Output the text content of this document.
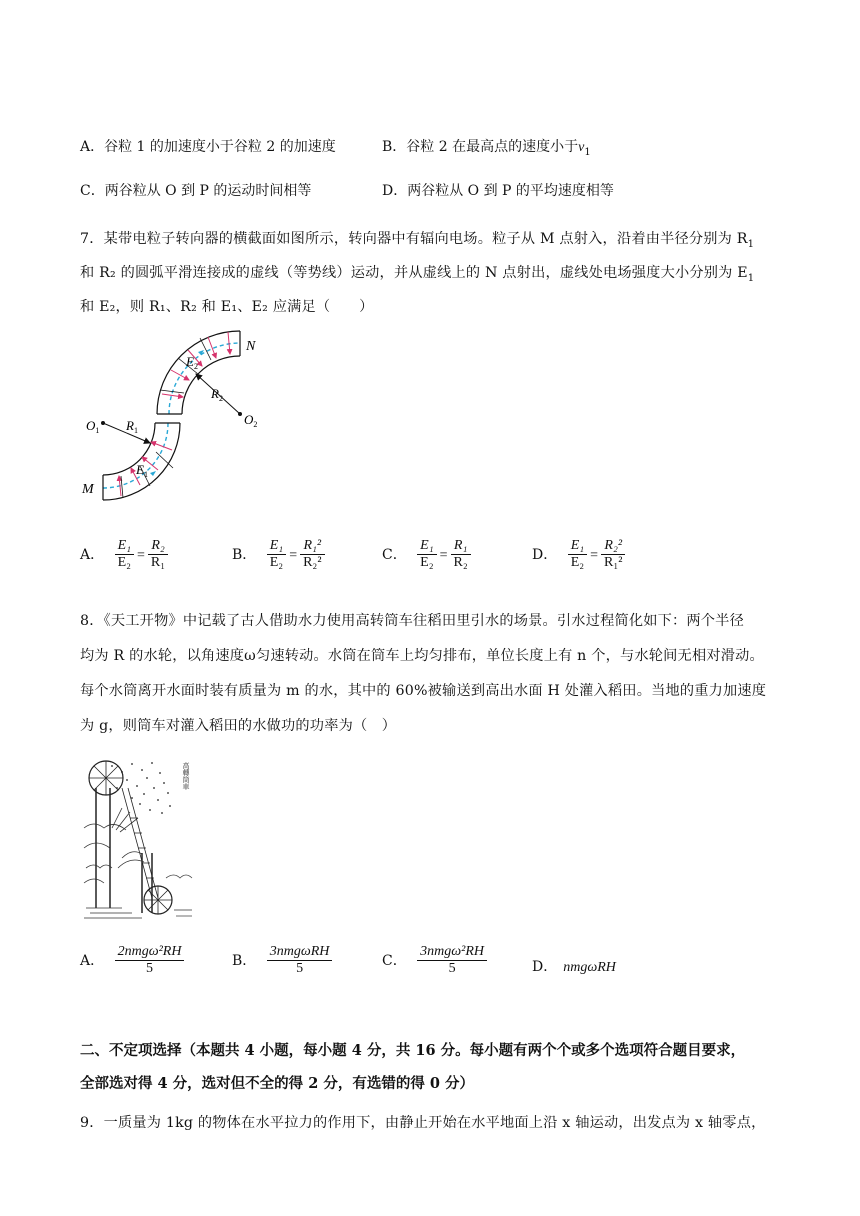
A．谷粒 1 的加速度小于谷粒 2 的加速度	B．谷粒 2 在最高点的速度小于$v_1$
C．两谷粒从 O 到 P 的运动时间相等	D．两谷粒从 O 到 P 的平均速度相等
7．某带电粒子转向器的横截面如图所示，转向器中有辐向电场。粒子从 M 点射入，沿着由半径分别为 $R_1$
和 R₂ 的圆弧平滑连接成的虚线（等势线）运动，并从虚线上的 N 点射出，虚线处电场强度大小分别为 $E_1$
和 E₂，则 R₁、R₂ 和 E₁、E₂ 应满足（　　）
$O_1$
$O_2$
$R_1$
$R_2$
$E_1$
$E_2$
M
N
A． $\frac{\text{E₁}}{\text{E₂}} = \frac{\text{R₂}}{\text{R₁}}$	B． $\frac{\text{E₁}}{\text{E₂}} = \frac{\text{R₁²}}{\text{R₂²}}$	C． $\frac{\text{E₁}}{\text{E₂}} = \frac{\text{R₁}}{\text{R₂}}$	D． $\frac{\text{E₁}}{\text{E₂}} = \frac{\text{R₂²}}{\text{R₁²}}$
8．《天工开物》中记载了古人借助水力使用高转筒车往稻田里引水的场景。引水过程简化如下：两个半径
均为 R 的水轮，以角速度ω匀速转动。水筒在筒车上均匀排布，单位长度上有 n 个，与水轮间无相对滑动。
每个水筒离开水面时装有质量为 m 的水，其中的 60%被输送到高出水面 H 处灌入稻田。当地的重力加速度
为 g，则筒车对灌入稻田的水做功的功率为（　）
高轉筒車
A． $\frac{\text{2nmgω²RH}}{5}$	B． $\frac{\text{3nmgωRH}}{5}$	C． $\frac{\text{3nmgω²RH}}{5}$	D． nmgωRH
二、不定项选择（本题共 4 小题，每小题 4 分，共 16 分。每小题有两个个或多个选项符合题目要求，
全部选对得 4 分，选对但不全的得 2 分，有选错的得 0 分）
9．一质量为 1kg 的物体在水平拉力的作用下，由静止开始在水平地面上沿 x 轴运动，出发点为 x 轴零点，
